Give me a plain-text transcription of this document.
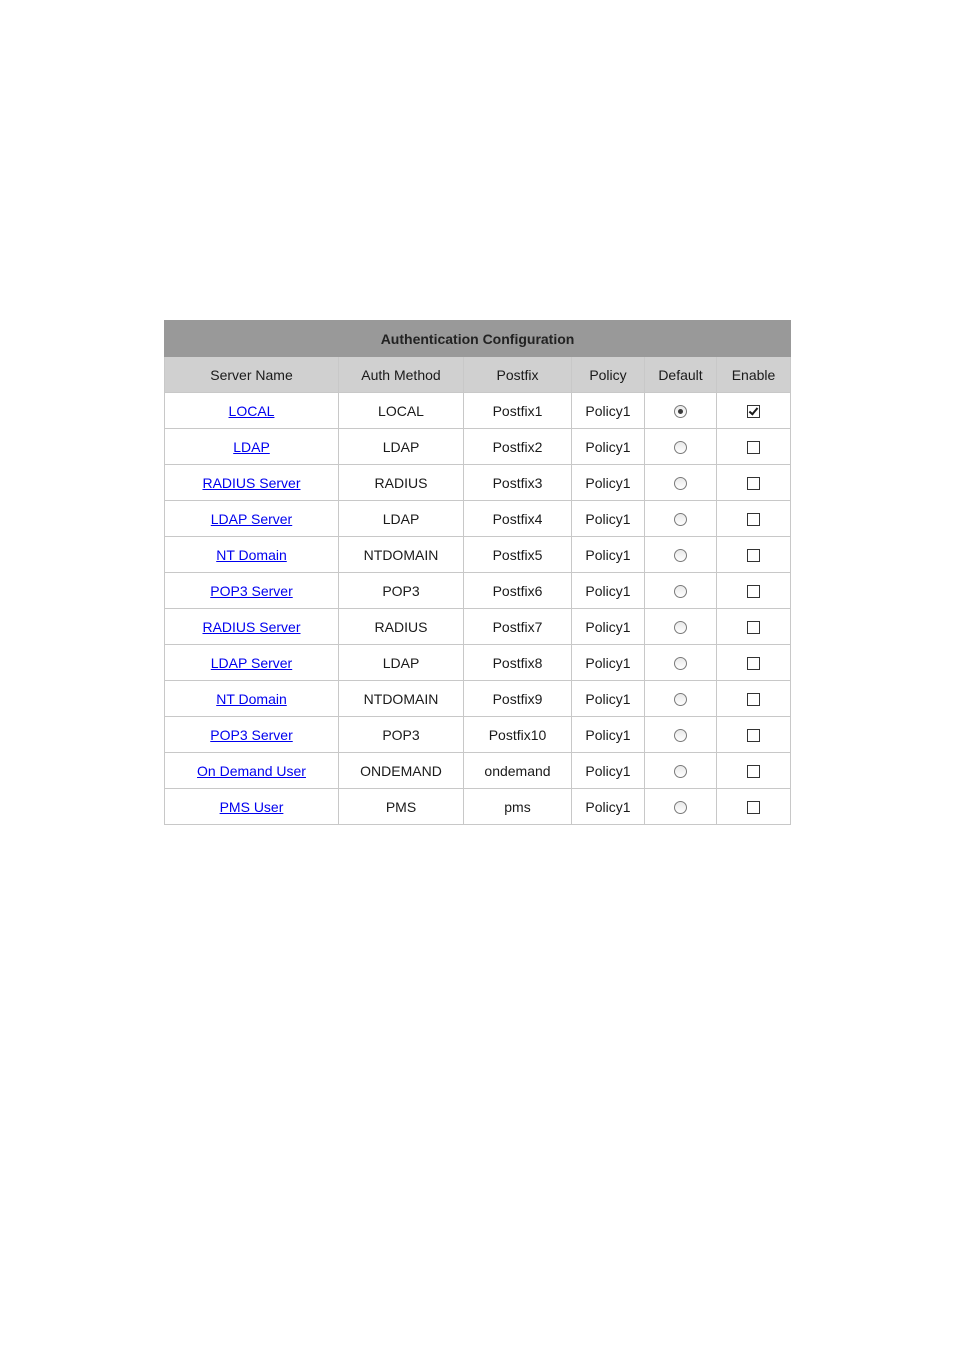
Authentication Configuration					
Server Name	Auth Method	Postfix	Policy	Default	Enable
LOCAL	LOCAL	Postfix1	Policy1		
LDAP	LDAP	Postfix2	Policy1		
RADIUS Server	RADIUS	Postfix3	Policy1		
LDAP Server	LDAP	Postfix4	Policy1		
NT Domain	NTDOMAIN	Postfix5	Policy1		
POP3 Server	POP3	Postfix6	Policy1		
RADIUS Server	RADIUS	Postfix7	Policy1		
LDAP Server	LDAP	Postfix8	Policy1		
NT Domain	NTDOMAIN	Postfix9	Policy1		
POP3 Server	POP3	Postfix10	Policy1		
On Demand User	ONDEMAND	ondemand	Policy1		
PMS User	PMS	pms	Policy1		
